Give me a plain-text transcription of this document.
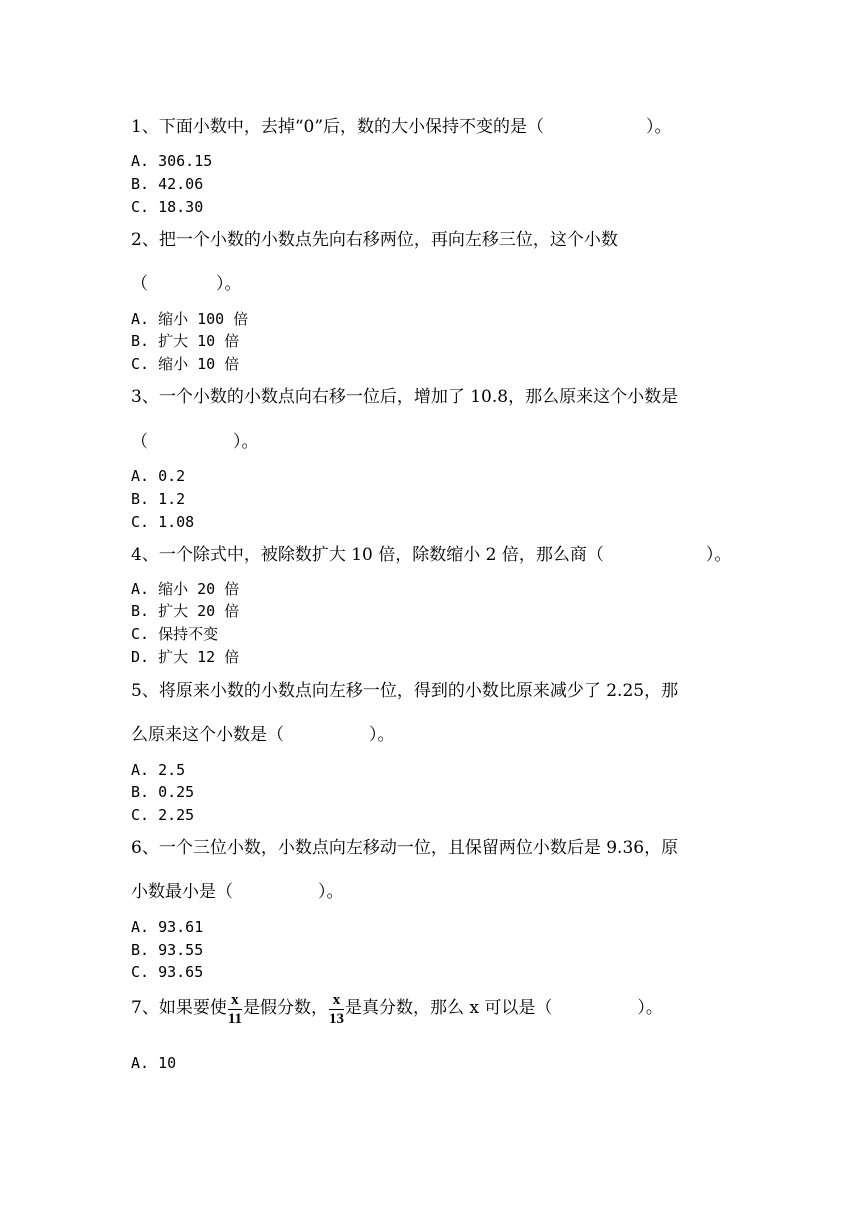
1、下面小数中，去掉“0”后，数的大小保持不变的是（　　　　　　）。
A. 306.15
B. 42.06
C. 18.30
2、把一个小数的小数点先向右移两位，再向左移三位，这个小数
（　　　　）。
A. 缩小 100 倍
B. 扩大 10 倍
C. 缩小 10 倍
3、一个小数的小数点向右移一位后，增加了 10.8，那么原来这个小数是
（　　　　　）。
A. 0.2
B. 1.2
C. 1.08
4、一个除式中，被除数扩大 10 倍，除数缩小 2 倍，那么商（　　　　　　）。
A. 缩小 20 倍
B. 扩大 20 倍
C. 保持不变
D. 扩大 12 倍
5、将原来小数的小数点向左移一位，得到的小数比原来减少了 2.25，那
么原来这个小数是（　　　　　）。
A. 2.5
B. 0.25
C. 2.25
6、一个三位小数，小数点向左移动一位，且保留两位小数后是 9.36，原
小数最小是（　　　　　）。
A. 93.61
B. 93.55
C. 93.65
7、如果要使 $\frac{x}{11}$ 是假分数， $\frac{x}{13}$ 是真分数，那么 x 可以是（　　　　　）。
A. 10
